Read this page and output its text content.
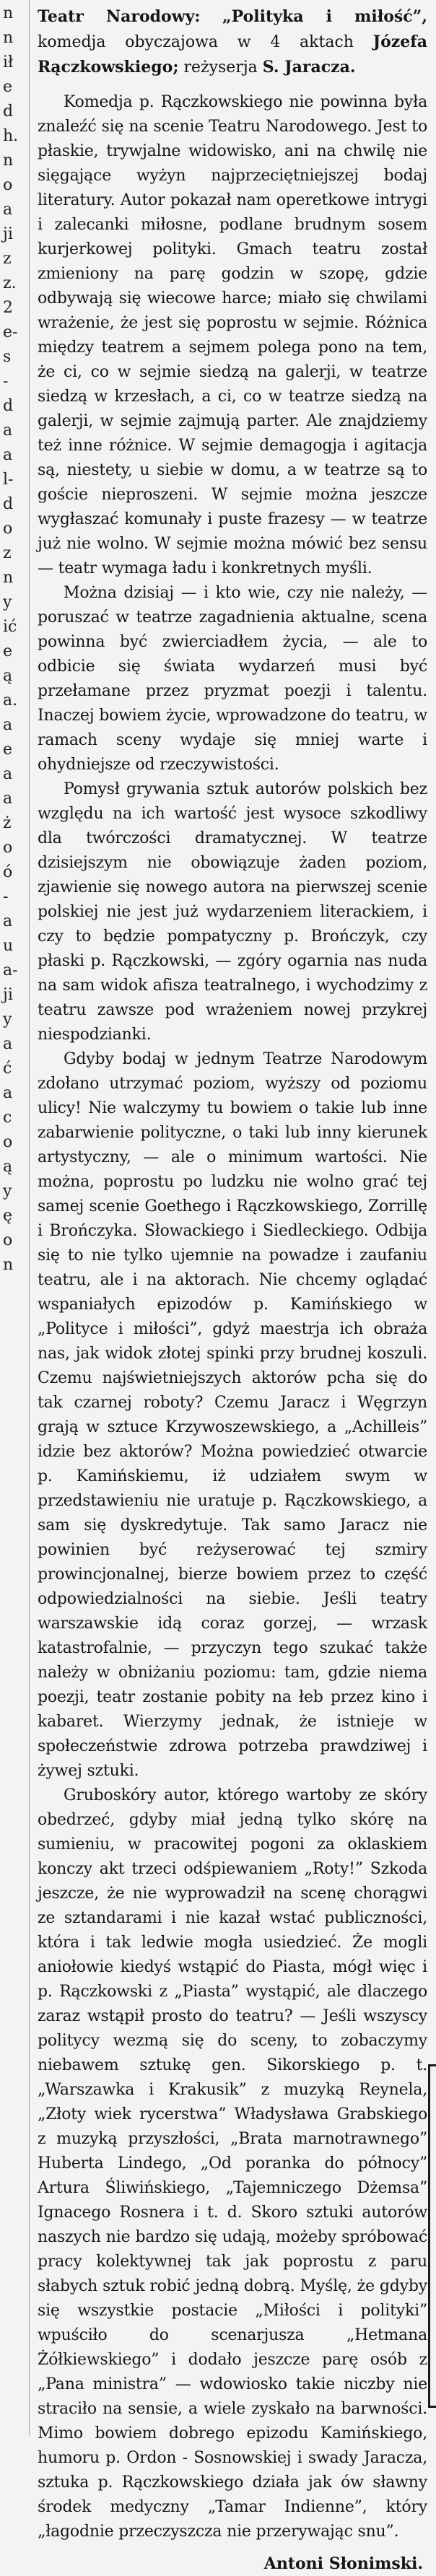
n
n
ił
e
d
h.
n
o
a
ji
z
z.
2
e-
s
-
d
a
a
l-
d
o
z
n
y
ić
e
ą
a.
a
e
a
a
ż
o
ó
-
a
u
a-
ji
y
a
ć
a
c
o
ą
y
ę
o
n

Teatr Narodowy: „Polityka i miłość”, komedja obyczajowa w 4 aktach Józefa Rączkowskiego; reżyserja S. Jaracza.

Komedja p. Rączkowskiego nie powinna była znaleźć się na scenie Teatru Narodowego. Jest to płaskie, trywjalne widowisko, ani na chwilę nie sięgające wyżyn najprzeciętniejszej bodaj literatury. Autor pokazał nam operetkowe intrygi i zalecanki miłosne, podlane brudnym sosem kurjerkowej polityki. Gmach teatru został zmieniony na parę godzin w szopę, gdzie odbywają się wiecowe harce; miało się chwilami wrażenie, że jest się poprostu w sejmie. Różnica między teatrem a sejmem polega pono na tem, że ci, co w sejmie siedzą na galerji, w teatrze siedzą w krzesłach, a ci, co w teatrze siedzą na galerji, w sejmie zajmują parter. Ale znajdziemy też inne różnice. W sejmie demagogja i agitacja są, niestety, u siebie w domu, a w teatrze są to goście nieproszeni. W sejmie można jeszcze wygłaszać komunały i puste frazesy — w teatrze już nie wolno. W sejmie można mówić bez sensu — teatr wymaga ładu i konkretnych myśli.

Można dzisiaj — i kto wie, czy nie należy, — poruszać w teatrze zagadnienia aktualne, scena powinna być zwierciadłem życia, — ale to odbicie się świata wydarzeń musi być przełamane przez pryzmat poezji i talentu. Inaczej bowiem życie, wprowadzone do teatru, w ramach sceny wydaje się mniej warte i ohydniejsze od rzeczywistości.

Pomysł grywania sztuk autorów polskich bez względu na ich wartość jest wysoce szkodliwy dla twórczości dramatycznej. W teatrze dzisiejszym nie obowiązuje żaden poziom, zjawienie się nowego autora na pierwszej scenie polskiej nie jest już wydarzeniem literackiem, i czy to będzie pompatyczny p. Brończyk, czy płaski p. Rączkowski, — zgóry ogarnia nas nuda na sam widok afisza teatralnego, i wychodzimy z teatru zawsze pod wrażeniem nowej przykrej niespodzianki.

Gdyby bodaj w jednym Teatrze Narodowym zdołano utrzymać poziom, wyższy od poziomu ulicy! Nie walczymy tu bowiem o takie lub inne zabarwienie polityczne, o taki lub inny kierunek artystyczny, — ale o minimum wartości. Nie można, poprostu po ludzku nie wolno grać tej samej scenie Goethego i Rączkowskiego, Zorrillę i Brończyka. Słowackiego i Siedleckiego. Odbija się to nie tylko ujemnie na powadze i zaufaniu teatru, ale i na aktorach. Nie chcemy oglądać wspaniałych epizodów p. Kamińskiego w „Polityce i miłości”, gdyż maestrja ich obraża nas, jak widok złotej spinki przy brudnej koszuli. Czemu najświetniejszych aktorów pcha się do tak czarnej roboty? Czemu Jaracz i Węgrzyn grają w sztuce Krzywoszewskiego, a „Achilleis” idzie bez aktorów? Można powiedzieć otwarcie p. Kamińskiemu, iż udziałem swym w przedstawieniu nie uratuje p. Rączkowskiego, a sam się dyskredytuje. Tak samo Jaracz nie powinien być reżyserować tej szmiry prowincjonalnej, bierze bowiem przez to część odpowiedzialności na siebie. Jeśli teatry warszawskie idą coraz gorzej, — wrzask katastrofalnie, — przyczyn tego szukać także należy w obniżaniu poziomu: tam, gdzie niema poezji, teatr zostanie pobity na łeb przez kino i kabaret. Wierzymy jednak, że istnieje w społeczeństwie zdrowa potrzeba prawdziwej i żywej sztuki.

Gruboskóry autor, którego wartoby ze skóry obedrzeć, gdyby miał jedną tylko skórę na sumieniu, w pracowitej pogoni za oklaskiem konczy akt trzeci odśpiewaniem „Roty!” Szkoda jeszcze, że nie wyprowadził na scenę chorągwi ze sztandarami i nie kazał wstać publiczności, która i tak ledwie mogła usiedzieć. Że mogli aniołowie kiedyś wstąpić do Piasta, mógł więc i p. Rączkowski z „Piasta” wystąpić, ale dlaczego zaraz wstąpił prosto do teatru? — Jeśli wszyscy politycy wezmą się do sceny, to zobaczymy niebawem sztukę gen. Sikorskiego p. t. „Warszawka i Krakusik” z muzyką Reynela, „Złoty wiek rycerstwa” Władysława Grabskiego z muzyką przyszłości, „Brata marnotrawnego” Huberta Lindego, „Od poranka do północy” Artura Śliwińskiego, „Tajemniczego Dżemsa” Ignacego Rosnera i t. d. Skoro sztuki autorów naszych nie bardzo się udają, możeby spróbować pracy kolektywnej tak jak poprostu z paru słabych sztuk robić jedną dobrą. Myślę, że gdyby się wszystkie postacie „Miłości i polityki” wpuściło do scenarjusza „Hetmana Żółkiewskiego” i dodało jeszcze parę osób z „Pana ministra” — wdowiosko takie niczby nie straciło na sensie, a wiele zyskało na barwności. Mimo bowiem dobrego epizodu Kamińskiego, humoru p. Ordon - Sosnowskiej i swady Jaracza, sztuka p. Rączkowskiego działa jak ów sławny środek medyczny „Tamar Indienne”, który „łagodnie przeczyszcza nie przerywając snu”.

Antoni Słonimski.
